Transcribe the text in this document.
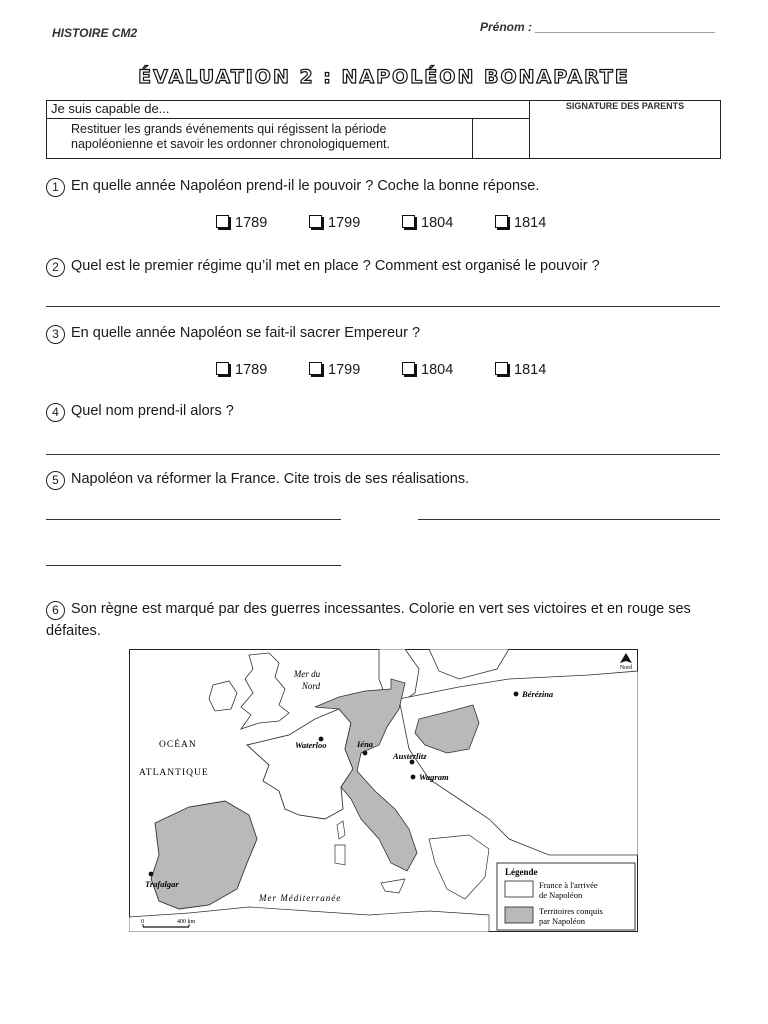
HISTOIRE CM2	Prénom : ___________________________
ÉVALUATION 2 : NAPOLÉON BONAPARTE
Je suis capable de...		SIGNATURE DES PARENTS
Restituer les grands événements qui régissent la période napoléonienne et savoir les ordonner chronologiquement.		
1 En quelle année Napoléon prend-il le pouvoir ? Coche la bonne réponse.
1789	1799	1804	1814
2 Quel est le premier régime qu’il met en place ? Comment est organisé le pouvoir ?
3 En quelle année Napoléon se fait-il sacrer Empereur ?
1789	1799	1804	1814
4 Quel nom prend-il alors ?
5 Napoléon va réformer la France. Cite trois de ses réalisations.
6 Son règne est marqué par des guerres incessantes. Colorie en vert ses victoires et en rouge ses défaites.
Mer du
Nord
OCÉAN
ATLANTIQUE
Mer Méditerranée
Waterloo	Iéna
Austerlitz
Wagram
Bérézina
Trafalgar
Nord
0	400 km
Légende
France à l'arrivée
de Napoléon
Territoires conquis
par Napoléon
